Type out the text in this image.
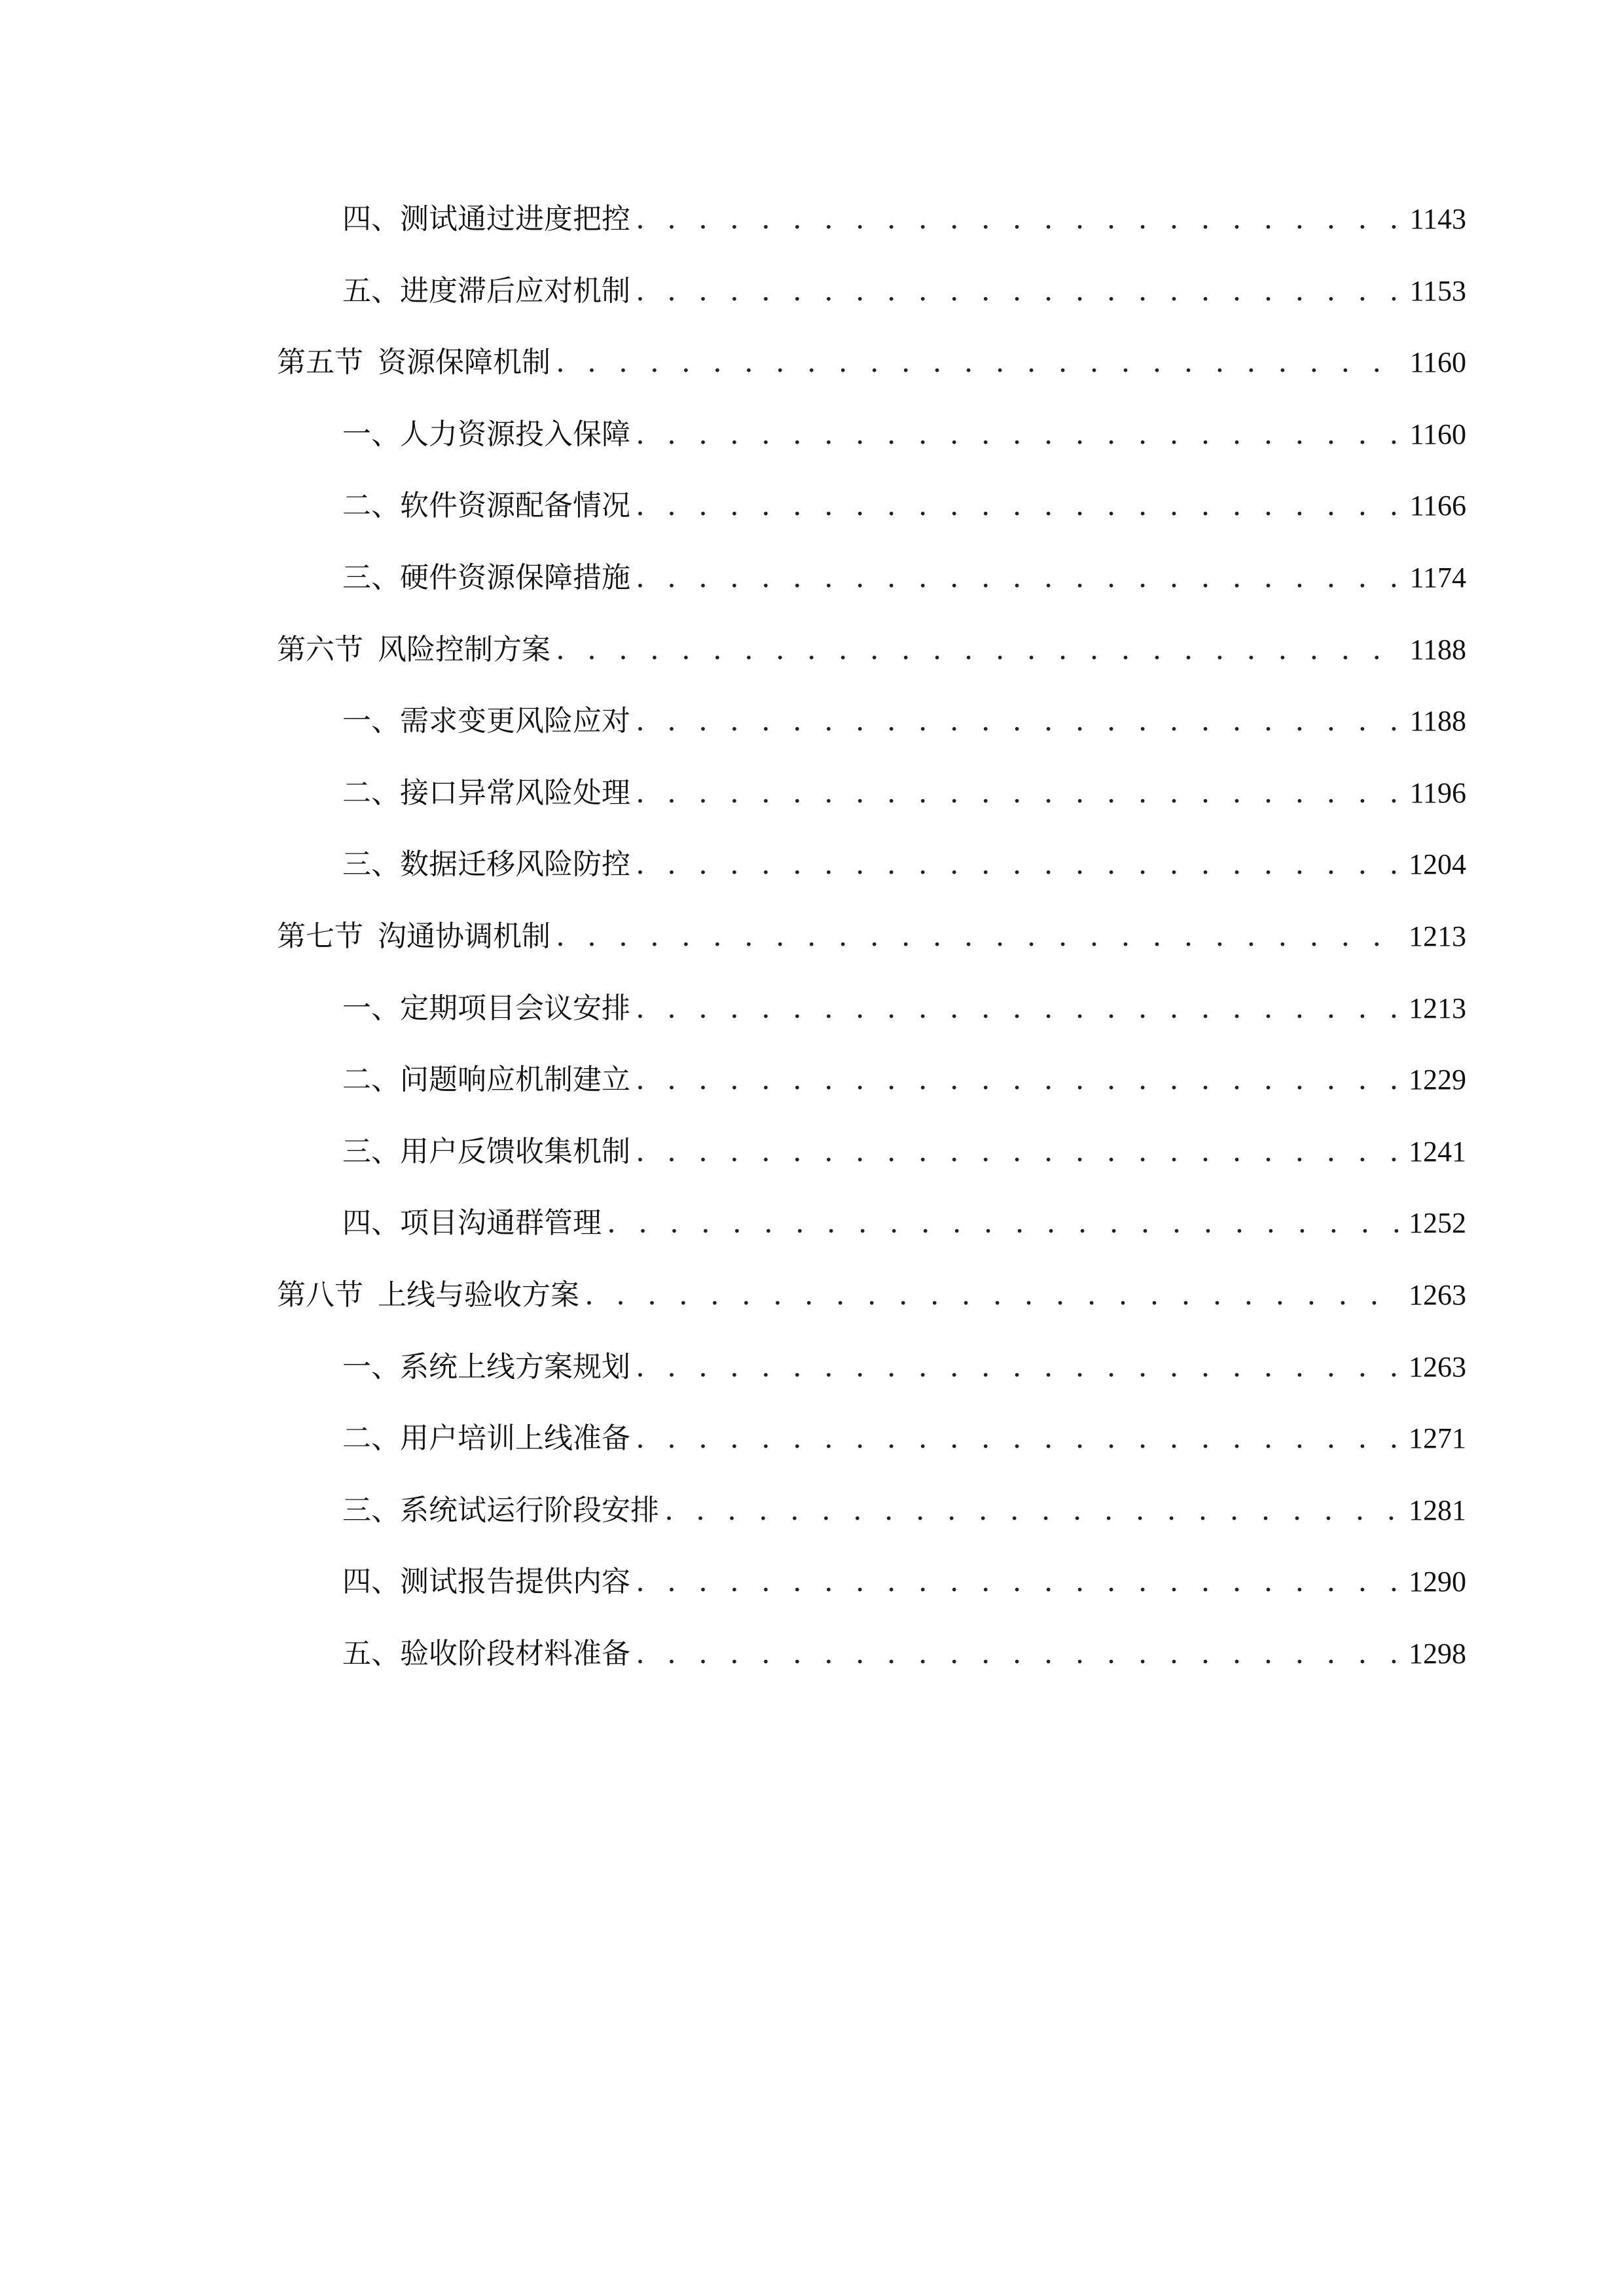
四、 测试通过进度把控 . . .	1143
五、 进度滞后应对机制 . . .	1153
第五节 资源保障机制 . . .	1160
一、 人力资源投入保障 . . .	1160
二、 软件资源配备情况 . . .	1166
三、 硬件资源保障措施 . . .	1174
第六节 风险控制方案 . . .	1188
一、 需求变更风险应对 . . .	1188
二、 接口异常风险处理 . . .	1196
三、 数据迁移风险防控 . . .	1204
第七节 沟通协调机制 . . .	1213
一、 定期项目会议安排 . . .	1213
二、 问题响应机制建立 . . .	1229
三、 用户反馈收集机制 . . .	1241
四、 项目沟通群管理 . . .	1252
第八节 上线与验收方案 . . .	1263
一、 系统上线方案规划 . . .	1263
二、 用户培训上线准备 . . .	1271
三、 系统试运行阶段安排 . . .	1281
四、 测试报告提供内容 . . .	1290
五、 验收阶段材料准备 . . .	1298
